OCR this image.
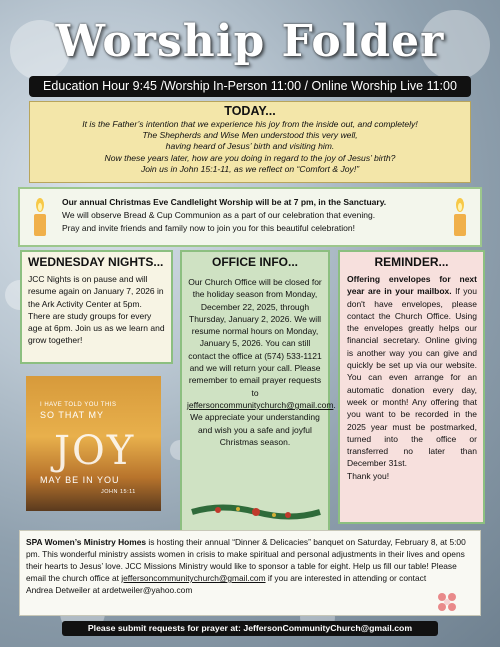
Worship Folder
Education Hour 9:45 /Worship In-Person 11:00 / Online Worship Live 11:00
TODAY...
It is the Father’s intention that we experience his joy from the inside out, and completely!
The Shepherds and Wise Men understood this very well,
having heard of Jesus’ birth and visiting him.
Now these years later, how are you doing in regard to the joy of Jesus’ birth?
Join us in John 15:1-11, as we reflect on “Comfort & Joy!”
Our annual Christmas Eve Candlelight Worship will be at 7 pm, in the Sanctuary.
We will observe Bread & Cup Communion as a part of our celebration that evening.
Pray and invite friends and family now to join you for this beautiful celebration!
WEDNESDAY NIGHTS...
JCC Nights is on pause and will resume again on January 7, 2026 in the Ark Activity Center at 5pm. There are study groups for every age at 6pm. Join us as we learn and grow together!
OFFICE INFO...
Our Church Office will be closed for the holiday season from Monday, December 22, 2025, through Thursday, January 2, 2026. We will resume normal hours on Monday, January 5, 2026. You can still contact the office at (574) 533-1121 and we will return your call. Please remember to email prayer requests to jeffersoncommunitychurch@gmail.com. We appreciate your understanding and wish you a safe and joyful Christmas season.
REMINDER...
Offering envelopes for next year are in your mailbox. If you don't have envelopes, please contact the Church Office. Using the envelopes greatly helps our financial secretary. Online giving is another way you can give and quickly be set up via our website. You can even arrange for an automatic donation every day, week or month! Any offering that you want to be recorded in the 2025 year must be postmarked, turned into the office or transferred no later than December 31st.
Thank you!
I HAVE TOLD YOU THIS
SO THAT MY
JOY
MAY BE IN YOU
JOHN 15:11
SPA Women’s Ministry Homes is hosting their annual “Dinner & Delicacies” banquet on Saturday, February 8, at 5:00 pm. This wonderful ministry assists women in crisis to make spiritual and personal adjustments in their lives and opens their hearts to Jesus’ love. JCC Missions Ministry would like to sponsor a table for eight. Help us fill our table! Please email the church office at jeffersoncommunitychurch@gmail.com if you are interested in attending or contact
Andrea Detweiler at ardetweiler@yahoo.com
Please submit requests for prayer at: JeffersonCommunityChurch@gmail.com
